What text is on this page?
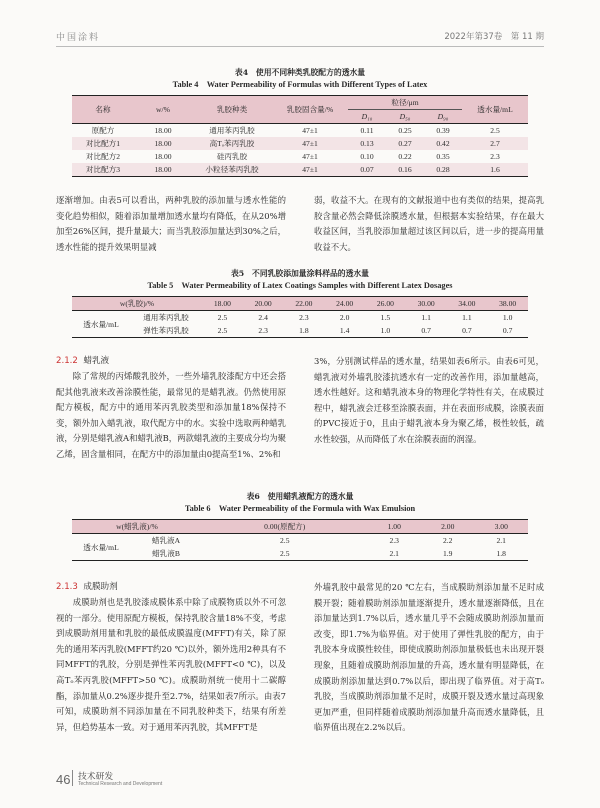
中国涂料	2022年第37卷　第 11 期
表4　使用不同种类乳胶配方的透水量
Table 4　Water Permeability of Formulas with Different Types of Latex
名称	w/%	乳胶种类	乳胶固含量/%	粒径/μm			透水量/mL
				D₁₀	D₅₀	D₉₀	
原配方	18.00	通用苯丙乳胶	47±1	0.11	0.25	0.39	2.5
对比配方1	18.00	高Tₒ苯丙乳胶	47±1	0.13	0.27	0.42	2.7
对比配方2	18.00	硅丙乳胶	47±1	0.10	0.22	0.35	2.3
对比配方3	18.00	小粒径苯丙乳胶	47±1	0.07	0.16	0.28	1.6

逐渐增加。由表5可以看出，两种乳胶的添加量与透水性能的变化趋势相似，随着添加量增加透水量均有降低，在从20%增加至26%区间，提升量最大；而当乳胶添加量达到30%之后，透水性能的提升效果明显减

弱，收益不大。在现有的文献报道中也有类似的结果，提高乳胶含量必然会降低涂膜透水量，但根据本实验结果，存在最大收益区间，当乳胶添加量超过该区间以后，进一步的提高用量收益不大。

表5　不同乳胶添加量涂料样品的透水量
Table 5　Water Permeability of Latex Coatings Samples with Different Latex Dosages
w(乳胶)/%		18.00	20.00	22.00	24.00	26.00	30.00	34.00	38.00
透水量/mL	通用苯丙乳胶	2.5	2.4	2.3	2.0	1.5	1.1	1.1	1.0
	弹性苯丙乳胶	2.5	2.3	1.8	1.4	1.0	0.7	0.7	0.7
2.1.2 蜡乳液

除了常规的丙烯酸乳胶外，一些外墙乳胶漆配方中还会搭配其他乳液来改善涂膜性能，最常见的是蜡乳液。仍然使用原配方模板，配方中的通用苯丙乳胶类型和添加量18%保持不变，额外加入蜡乳液，取代配方中的水。实验中选取两种蜡乳液，分别是蜡乳液A和蜡乳液B，两款蜡乳液的主要成分均为聚乙烯，固含量相同，在配方中的添加量由0提高至1%、2%和

3%，分别测试样品的透水量，结果如表6所示。由表6可见，蜡乳液对外墙乳胶漆抗透水有一定的改善作用，添加量越高，透水性越好。这和蜡乳液本身的物理化学特性有关，在成膜过程中，蜡乳液会迁移至涂膜表面，并在表面形成膜，涂膜表面的PVC接近于0，且由于蜡乳液本身为聚乙烯，极性较低，疏水性较强，从而降低了水在涂膜表面的润湿。

表6　使用蜡乳液配方的透水量
Table 6　Water Permeability of the Formula with Wax Emulsion
w(蜡乳液)/%		0.00(原配方)	1.00	2.00	3.00
透水量/mL	蜡乳液A	2.5	2.3	2.2	2.1
	蜡乳液B	2.5	2.1	1.9	1.8
2.1.3 成膜助剂

成膜助剂也是乳胶漆成膜体系中除了成膜物质以外不可忽视的一部分。使用原配方模板，保持乳胶含量18%不变，考虑到成膜助剂用量和乳胶的最低成膜温度(MFFT)有关，除了原先的通用苯丙乳胶(MFFT约20 ℃)以外，额外选用2种具有不同MFFT的乳胶，分别是弹性苯丙乳胶(MFFT<0 ℃)，以及高Tₒ苯丙乳胶(MFFT>50 ℃)。成膜助剂统一使用十二碳醇酯，添加量从0.2%逐步提升至2.7%，结果如表7所示。由表7可知，成膜助剂不同添加量在不同乳胶种类下，结果有所差异，但趋势基本一致。对于通用苯丙乳胶，其MFFT是

外墙乳胶中最常见的20 ℃左右，当成膜助剂添加量不足时成膜开裂；随着膜助剂添加量逐渐提升，透水量逐渐降低，且在添加量达到1.7%以后，透水量几乎不会随成膜助剂添加量而改变，即1.7%为临界值。对于使用了弹性乳胶的配方，由于乳胶本身成膜性较佳，即使成膜助剂添加量极低也未出现开裂现象，且随着成膜助剂添加量的升高，透水量有明显降低，在成膜助剂添加量达到0.7%以后，即出现了临界值。对于高Tₒ乳胶，当成膜助剂添加量不足时，成膜开裂及透水量过高现象更加严重，但同样随着成膜助剂添加量升高而透水量降低，且临界值出现在2.2%以后。

46 技术研发
Technical Research and Development
